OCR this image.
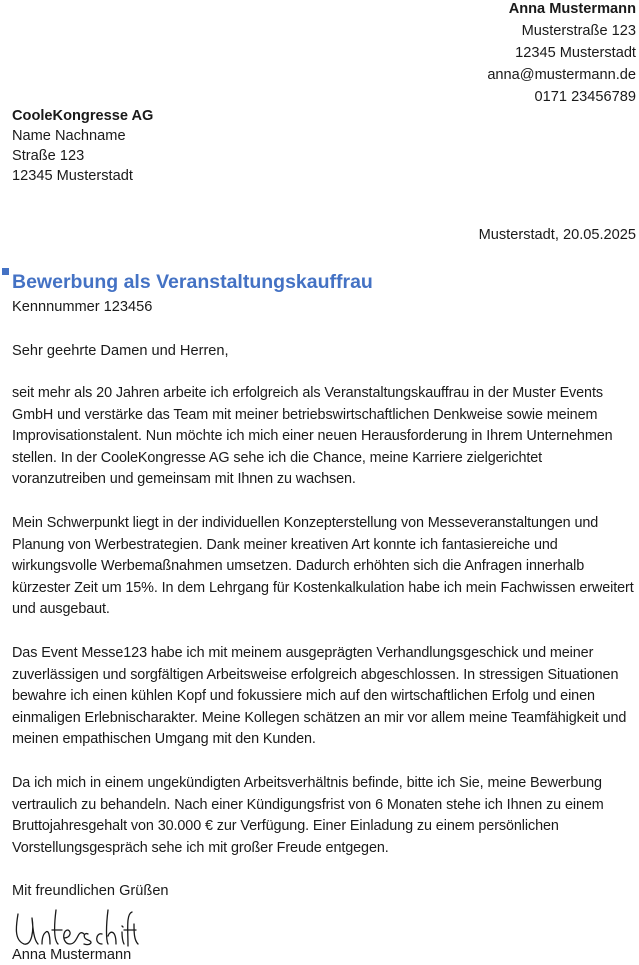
Anna Mustermann
Musterstraße 123
12345 Musterstadt
anna@mustermann.de
0171 23456789
CooleKongresse AG
Name Nachname
Straße 123
12345 Musterstadt
Musterstadt, 20.05.2025
Bewerbung als Veranstaltungskauffrau
Kennnummer 123456
Sehr geehrte Damen und Herren,
seit mehr als 20 Jahren arbeite ich erfolgreich als Veranstaltungskauffrau in der Muster Events GmbH und verstärke das Team mit meiner betriebswirtschaftlichen Denkweise sowie meinem Improvisationstalent. Nun möchte ich mich einer neuen Herausforderung in Ihrem Unternehmen stellen. In der CooleKongresse AG sehe ich die Chance, meine Karriere zielgerichtet voranzutreiben und gemeinsam mit Ihnen zu wachsen.
Mein Schwerpunkt liegt in der individuellen Konzepterstellung von Messeveranstaltungen und Planung von Werbestrategien. Dank meiner kreativen Art konnte ich fantasiereiche und wirkungsvolle Werbemaßnahmen umsetzen. Dadurch erhöhten sich die Anfragen innerhalb kürzester Zeit um 15%. In dem Lehrgang für Kostenkalkulation habe ich mein Fachwissen erweitert und ausgebaut.
Das Event Messe123 habe ich mit meinem ausgeprägten Verhandlungsgeschick und meiner zuverlässigen und sorgfältigen Arbeitsweise erfolgreich abgeschlossen. In stressigen Situationen bewahre ich einen kühlen Kopf und fokussiere mich auf den wirtschaftlichen Erfolg und einen einmaligen Erlebnischarakter. Meine Kollegen schätzen an mir vor allem meine Teamfähigkeit und meinen empathischen Umgang mit den Kunden.
Da ich mich in einem ungekündigten Arbeitsverhältnis befinde, bitte ich Sie, meine Bewerbung vertraulich zu behandeln. Nach einer Kündigungsfrist von 6 Monaten stehe ich Ihnen zu einem Bruttojahresgehalt von 30.000 € zur Verfügung. Einer Einladung zu einem persönlichen Vorstellungsgespräch sehe ich mit großer Freude entgegen.
Mit freundlichen Grüßen
Unterschrift
Anna Mustermann
